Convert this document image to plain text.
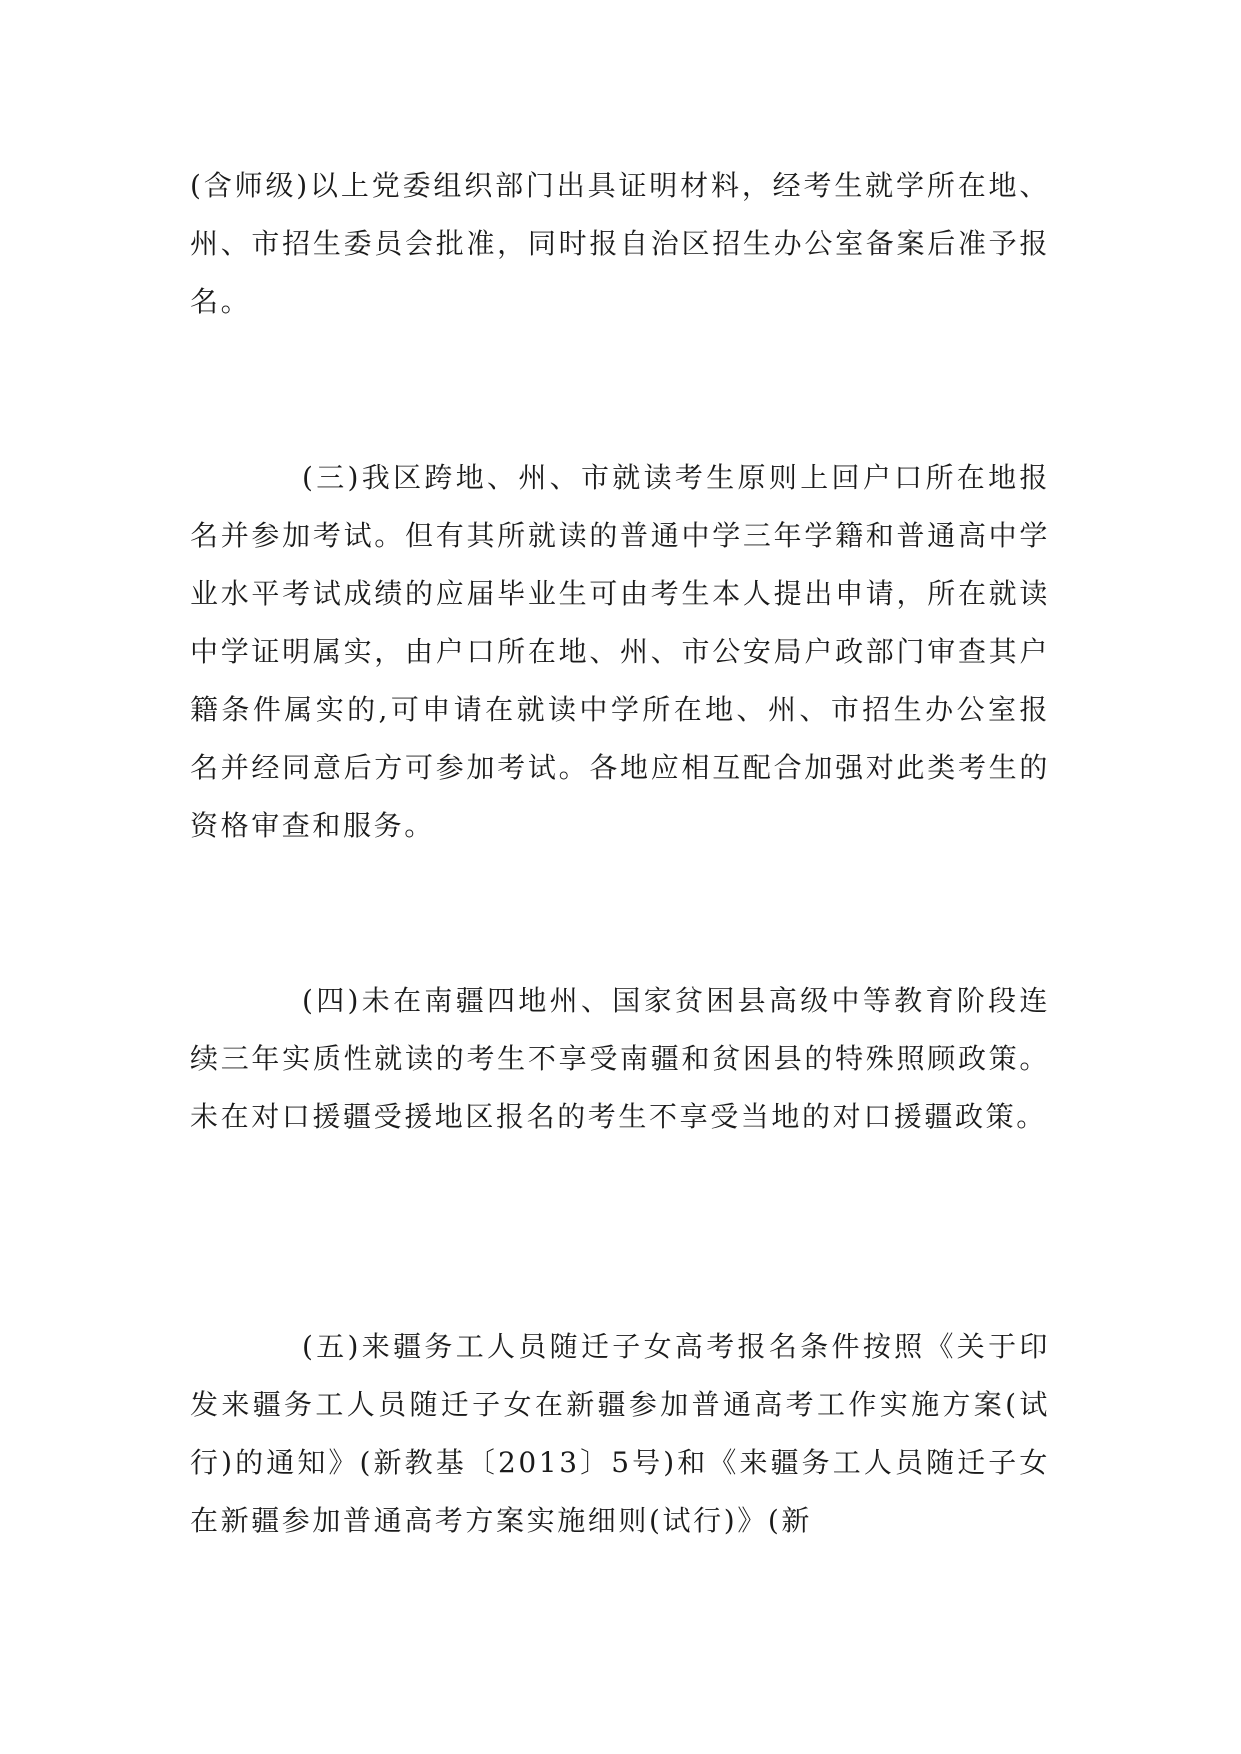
(含师级)以上党委组织部门出具证明材料，经考生就学所在地、州、市招生委员会批准，同时报自治区招生办公室备案后准予报名。

(三)我区跨地、州、市就读考生原则上回户口所在地报名并参加考试。但有其所就读的普通中学三年学籍和普通高中学业水平考试成绩的应届毕业生可由考生本人提出申请，所在就读中学证明属实，由户口所在地、州、市公安局户政部门审查其户籍条件属实的,可申请在就读中学所在地、州、市招生办公室报名并经同意后方可参加考试。各地应相互配合加强对此类考生的资格审查和服务。

(四)未在南疆四地州、国家贫困县高级中等教育阶段连续三年实质性就读的考生不享受南疆和贫困县的特殊照顾政策。未在对口援疆受援地区报名的考生不享受当地的对口援疆政策。

(五)来疆务工人员随迁子女高考报名条件按照《关于印发来疆务工人员随迁子女在新疆参加普通高考工作实施方案(试行)的通知》(新教基〔2013〕5号)和《来疆务工人员随迁子女在新疆参加普通高考方案实施细则(试行)》(新
